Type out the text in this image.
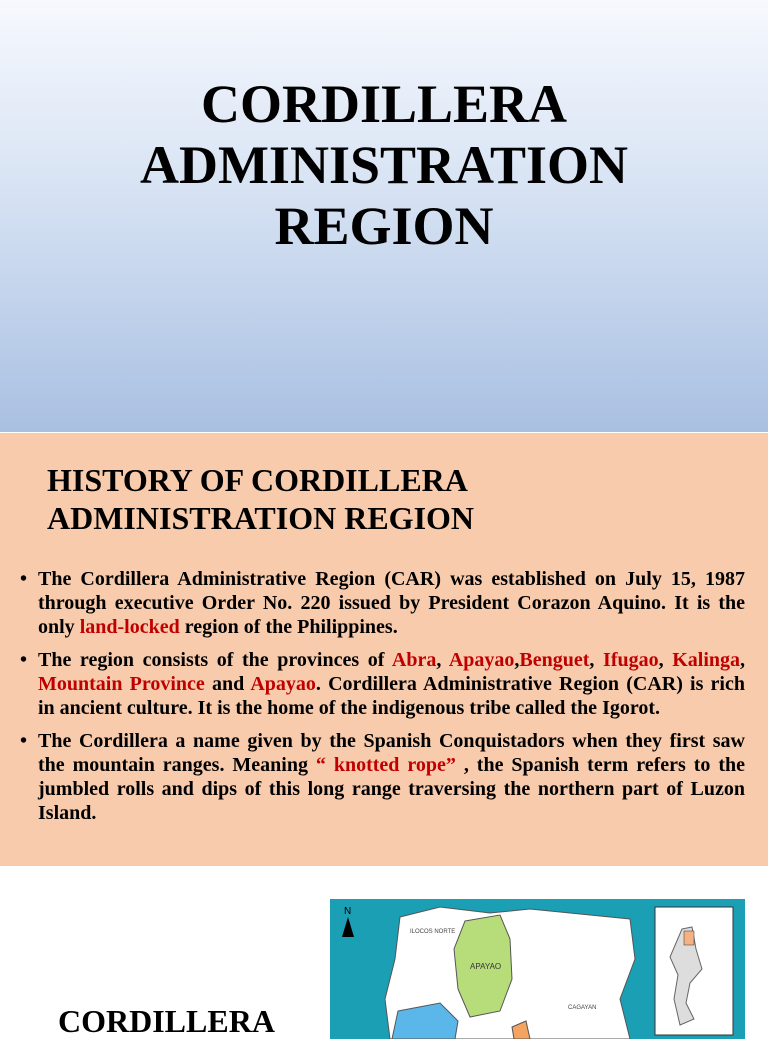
CORDILLERA
ADMINISTRATION
REGION
HISTORY OF CORDILLERA
ADMINISTRATION REGION
• The Cordillera Administrative Region (CAR) was established on July 15, 1987 through executive Order No. 220 issued by President Corazon Aquino. It is the only land-locked region of the Philippines.
• The region consists of the provinces of Abra, Apayao,Benguet, Ifugao, Kalinga, Mountain Province and Apayao. Cordillera Administrative Region (CAR) is rich in ancient culture. It is the home of the indigenous tribe called the Igorot.
• The Cordillera a name given by the Spanish Conquistadors when they first saw the mountain ranges. Meaning “ knotted rope” , the Spanish term refers to the jumbled rolls and dips of this long range traversing the northern part of Luzon Island.
CORDILLERA
N
ILOCOS NORTE
APAYAO
CAGAYAN
